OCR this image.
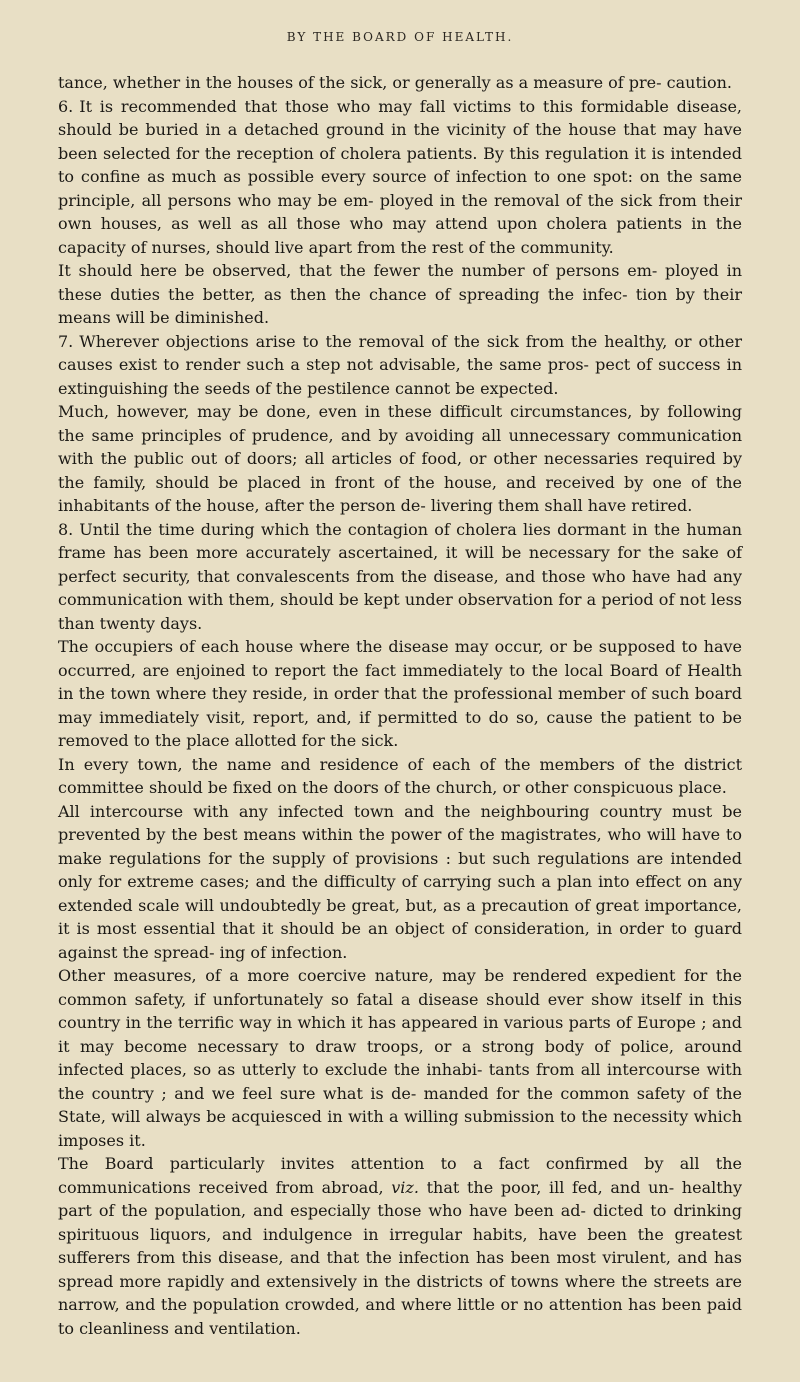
BY THE BOARD OF HEALTH.

tance, whether in the houses of the sick, or generally as a measure of pre- caution.

6. It is recommended that those who may fall victims to this formidable disease, should be buried in a detached ground in the vicinity of the house that may have been selected for the reception of cholera patients. By this regulation it is intended to confine as much as possible every source of infection to one spot: on the same principle, all persons who may be em- ployed in the removal of the sick from their own houses, as well as all those who may attend upon cholera patients in the capacity of nurses, should live apart from the rest of the community.

It should here be observed, that the fewer the number of persons em- ployed in these duties the better, as then the chance of spreading the infec- tion by their means will be diminished.

7. Wherever objections arise to the removal of the sick from the healthy, or other causes exist to render such a step not advisable, the same pros- pect of success in extinguishing the seeds of the pestilence cannot be expected.

Much, however, may be done, even in these difficult circumstances, by following the same principles of prudence, and by avoiding all unnecessary communication with the public out of doors; all articles of food, or other necessaries required by the family, should be placed in front of the house, and received by one of the inhabitants of the house, after the person de- livering them shall have retired.

8. Until the time during which the contagion of cholera lies dormant in the human frame has been more accurately ascertained, it will be necessary for the sake of perfect security, that convalescents from the disease, and those who have had any communication with them, should be kept under observation for a period of not less than twenty days.

The occupiers of each house where the disease may occur, or be supposed to have occurred, are enjoined to report the fact immediately to the local Board of Health in the town where they reside, in order that the professional member of such board may immediately visit, report, and, if permitted to do so, cause the patient to be removed to the place allotted for the sick.

In every town, the name and residence of each of the members of the district committee should be fixed on the doors of the church, or other conspicuous place.

All intercourse with any infected town and the neighbouring country must be prevented by the best means within the power of the magistrates, who will have to make regulations for the supply of provisions : but such regulations are intended only for extreme cases; and the difficulty of carrying such a plan into effect on any extended scale will undoubtedly be great, but, as a precaution of great importance, it is most essential that it should be an object of consideration, in order to guard against the spread- ing of infection.

Other measures, of a more coercive nature, may be rendered expedient for the common safety, if unfortunately so fatal a disease should ever show itself in this country in the terrific way in which it has appeared in various parts of Europe ; and it may become necessary to draw troops, or a strong body of police, around infected places, so as utterly to exclude the inhabi- tants from all intercourse with the country ; and we feel sure what is de- manded for the common safety of the State, will always be acquiesced in with a willing submission to the necessity which imposes it.

The Board particularly invites attention to a fact confirmed by all the communications received from abroad, viz. that the poor, ill fed, and un- healthy part of the population, and especially those who have been ad- dicted to drinking spirituous liquors, and indulgence in irregular habits, have been the greatest sufferers from this disease, and that the infection has been most virulent, and has spread more rapidly and extensively in the districts of towns where the streets are narrow, and the population crowded, and where little or no attention has been paid to cleanliness and ventilation.
